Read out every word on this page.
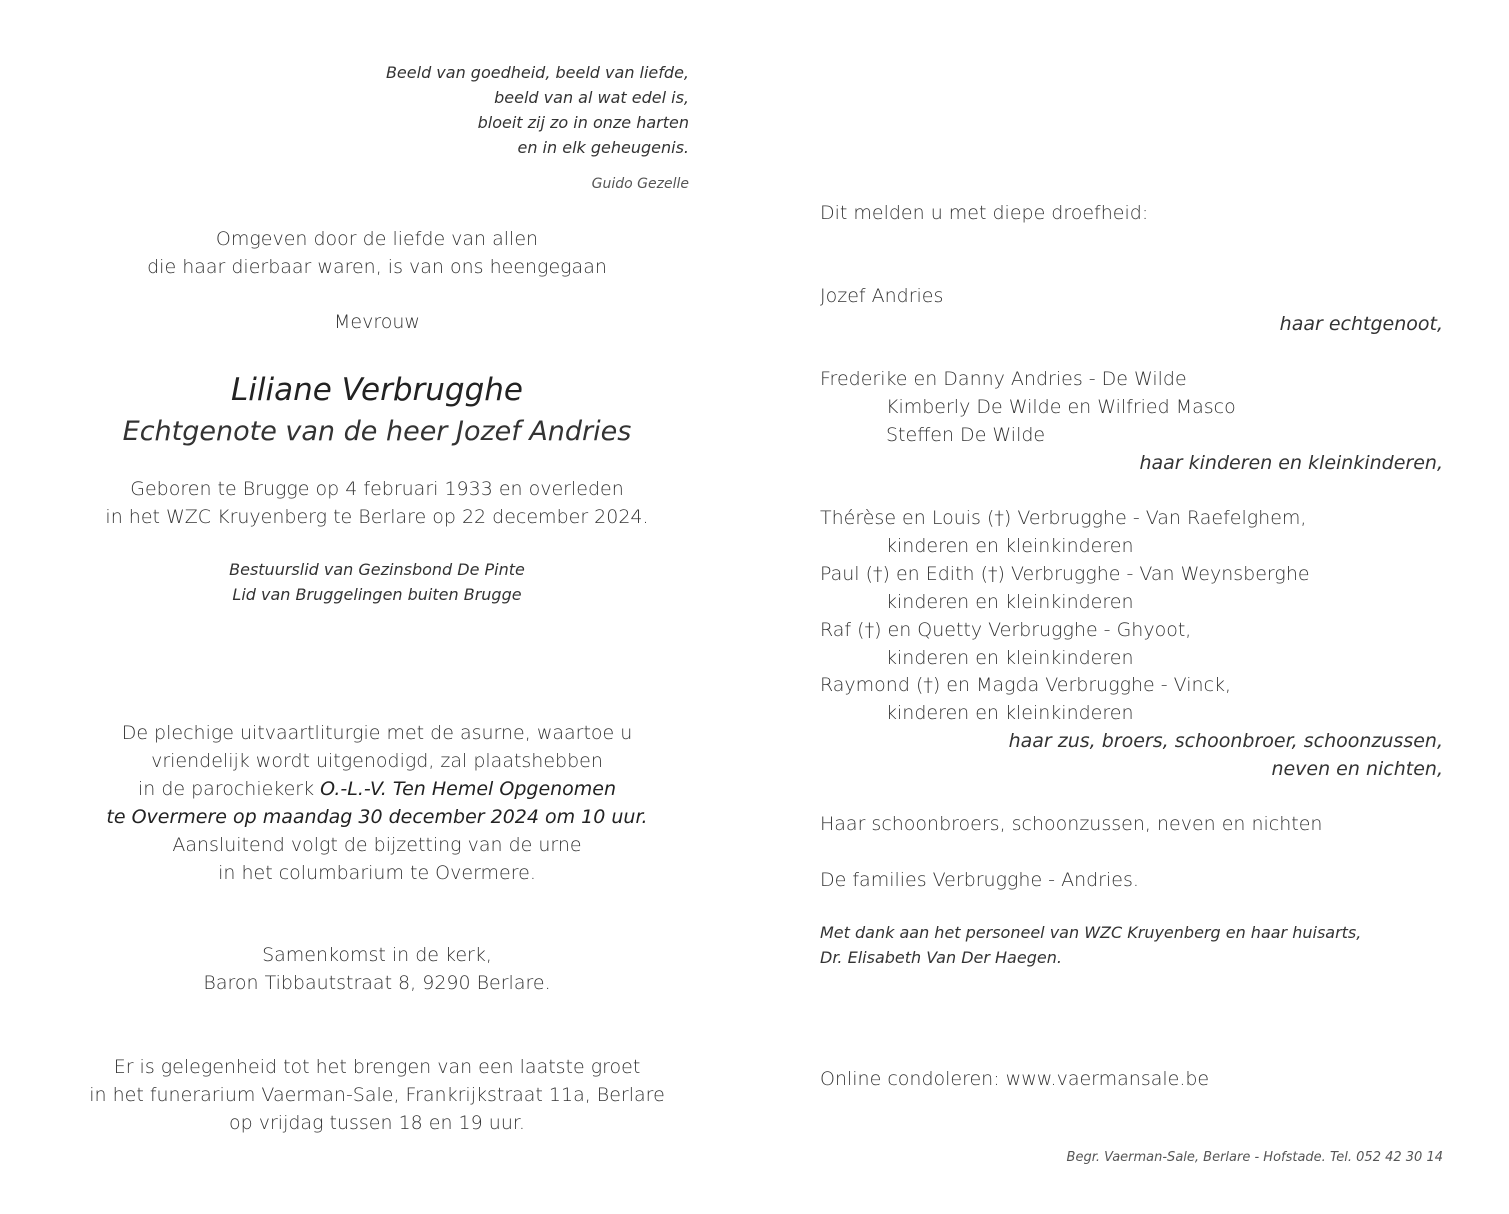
Beeld van goedheid, beeld van liefde,
beeld van al wat edel is,
bloeit zij zo in onze harten
en in elk geheugenis.
Guido Gezelle
Omgeven door de liefde van allen
die haar dierbaar waren, is van ons heengegaan
Mevrouw
Liliane Verbrugghe
Echtgenote van de heer Jozef Andries
Geboren te Brugge op 4 februari 1933 en overleden
in het WZC Kruyenberg te Berlare op 22 december 2024.
Bestuurslid van Gezinsbond De Pinte
Lid van Bruggelingen buiten Brugge
De plechige uitvaartliturgie met de asurne, waartoe u
vriendelijk wordt uitgenodigd, zal plaatshebben
in de parochiekerk O.-L.-V. Ten Hemel Opgenomen
te Overmere op maandag 30 december 2024 om 10 uur.
Aansluitend volgt de bijzetting van de urne
in het columbarium te Overmere.
Samenkomst in de kerk,
Baron Tibbautstraat 8, 9290 Berlare.
Er is gelegenheid tot het brengen van een laatste groet
in het funerarium Vaerman-Sale, Frankrijkstraat 11a, Berlare
op vrijdag tussen 18 en 19 uur.
Dit melden u met diepe droefheid:
Jozef Andries
haar echtgenoot,
Frederike en Danny Andries - De Wilde
Kimberly De Wilde en Wilfried Masco
Steffen De Wilde
haar kinderen en kleinkinderen,
Thérèse en Louis (†) Verbrugghe - Van Raefelghem,
kinderen en kleinkinderen
Paul (†) en Edith (†) Verbrugghe - Van Weynsberghe
kinderen en kleinkinderen
Raf (†) en Quetty Verbrugghe - Ghyoot,
kinderen en kleinkinderen
Raymond (†) en Magda Verbrugghe - Vinck,
kinderen en kleinkinderen
haar zus, broers, schoonbroer, schoonzussen,
neven en nichten,
Haar schoonbroers, schoonzussen, neven en nichten
De families Verbrugghe - Andries.
Met dank aan het personeel van WZC Kruyenberg en haar huisarts,
Dr. Elisabeth Van Der Haegen.
Online condoleren: www.vaermansale.be
Begr. Vaerman-Sale, Berlare - Hofstade. Tel. 052 42 30 14
